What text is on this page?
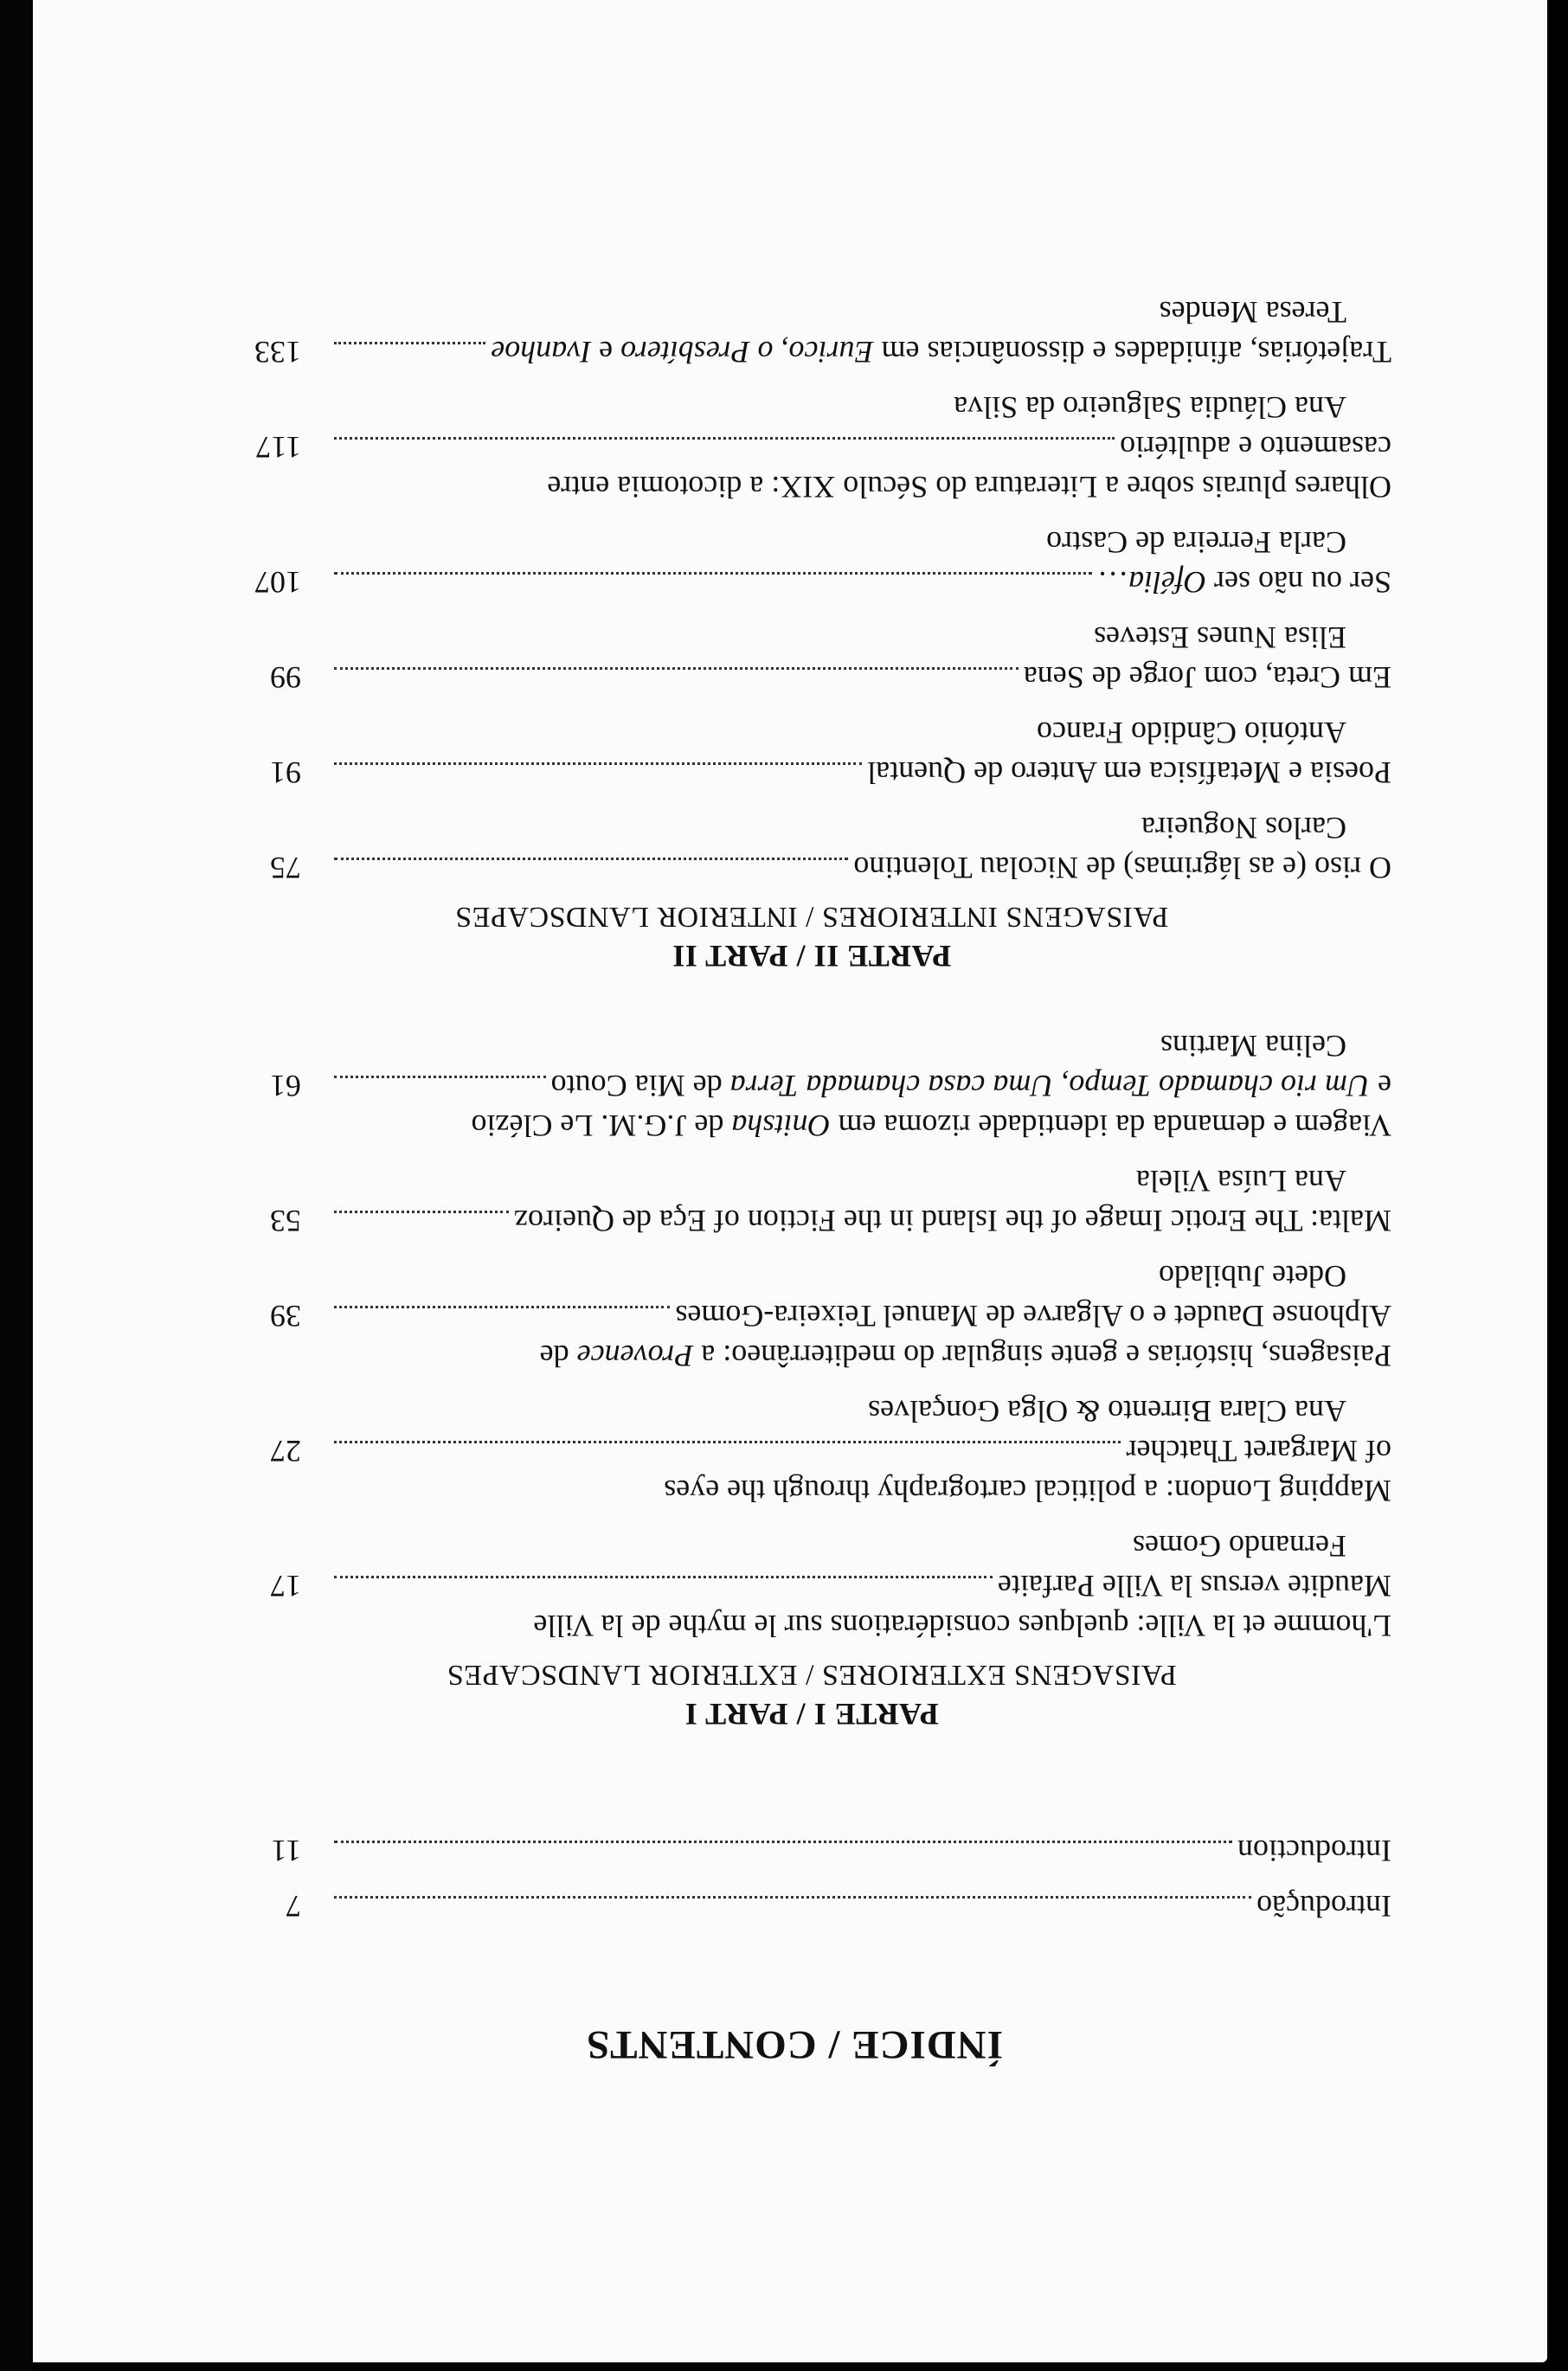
ÍNDICE / CONTENTS
Introdução
7
Introduction
11
PARTE I / PART I
PAISAGENS EXTERIORES / EXTERIOR LANDSCAPES
L'homme et la Ville: quelques considérations sur le mythe de la Ville
Maudite versus la Ville Parfaite
17
Fernando Gomes
Mapping London: a political cartography through the eyes
of Margaret Thatcher
27
Ana Clara Birrento & Olga Gonçalves
Paisagens, histórias e gente singular do mediterrâneo: a Provence de
Alphonse Daudet e o Algarve de Manuel Teixeira-Gomes
39
Odete Jubilado
Malta: The Erotic Image of the Island in the Fiction of Eça de Queiroz
53
Ana Luísa Vilela
Viagem e demanda da identidade rizoma em Onitsha de J.G.M. Le Clézio
e Um rio chamado Tempo, Uma casa chamada Terra de Mia Couto
61
Celina Martins
PARTE II / PART II
PAISAGENS INTERIORES / INTERIOR LANDSCAPES
O riso (e as lágrimas) de Nicolau Tolentino
75
Carlos Nogueira
Poesia e Metafísica em Antero de Quental
91
António Cândido Franco
Em Creta, com Jorge de Sena
99
Elisa Nunes Esteves
Ser ou não ser Ofélia…
107
Carla Ferreira de Castro
Olhares plurais sobre a Literatura do Século XIX: a dicotomia entre
casamento e adultério
117
Ana Cláudia Salgueiro da Silva
Trajetórias, afinidades e dissonâncias em Eurico, o Presbítero e Ivanhoe
133
Teresa Mendes
